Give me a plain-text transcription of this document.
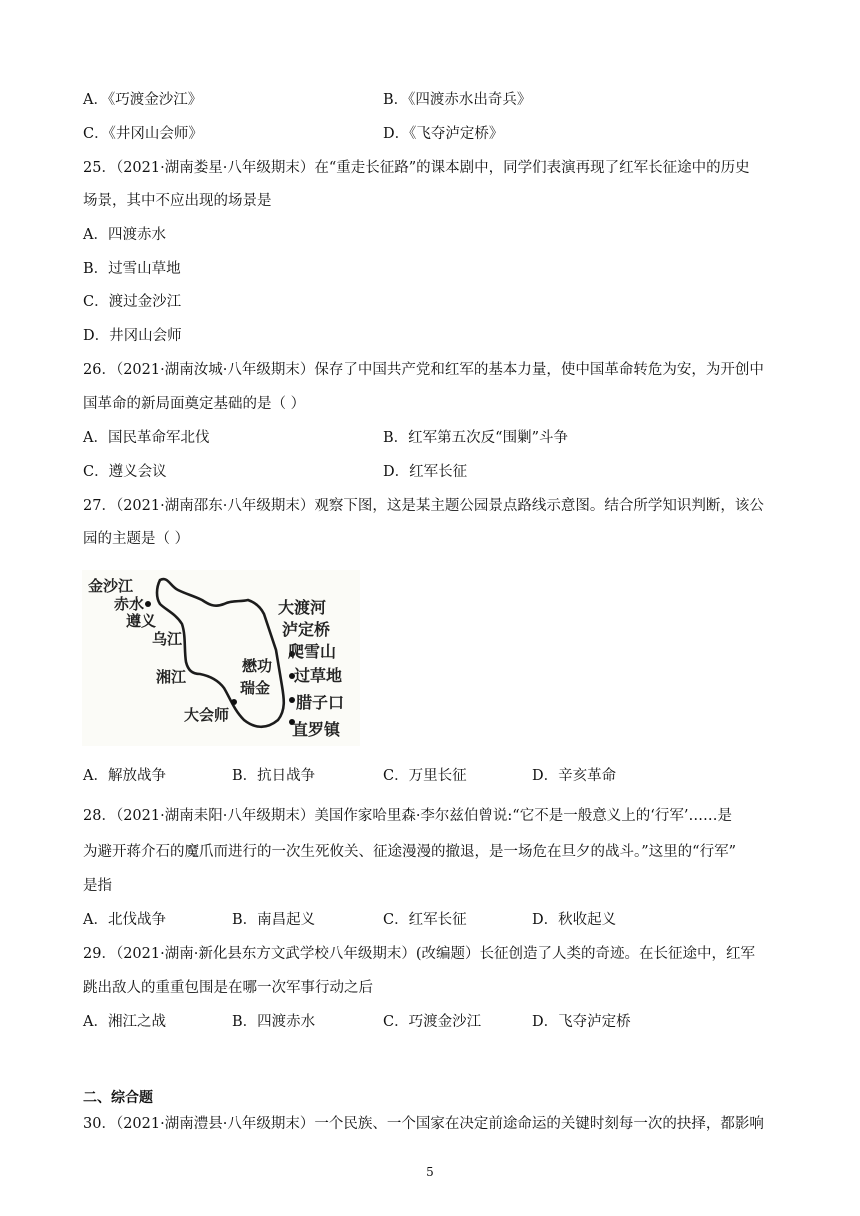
A．《巧渡金沙江》	B．《四渡赤水出奇兵》
C．《井冈山会师》	D．《飞夺泸定桥》
25．（2021·湖南娄星·八年级期末）在“重走长征路”的课本剧中，同学们表演再现了红军长征途中的历史
场景，其中不应出现的场景是
A．四渡赤水
B．过雪山草地
C．渡过金沙江
D．井冈山会师
26．（2021·湖南汝城·八年级期末）保存了中国共产党和红军的基本力量，使中国革命转危为安，为开创中
国革命的新局面奠定基础的是（ ）
A．国民革命军北伐	B．红军第五次反“围剿”斗争
C．遵义会议	D．红军长征
27．（2021·湖南邵东·八年级期末）观察下图，这是某主题公园景点路线示意图。结合所学知识判断，该公
园的主题是（ ）
金沙江
赤水
遵义
乌江
湘江
懋功
瑞金
大会师
大渡河
泸定桥
爬雪山
过草地
腊子口
直罗镇
A．解放战争	B．抗日战争	C．万里长征	D．辛亥革命
28．（2021·湖南耒阳·八年级期末）美国作家哈里森·李尔兹伯曾说:“它不是一般意义上的‘行军’……是
为避开蒋介石的魔爪而进行的一次生死攸关、征途漫漫的撤退，是一场危在旦夕的战斗。”这里的“行军”
是指
A．北伐战争	B．南昌起义	C．红军长征	D．秋收起义
29．（2021·湖南·新化县东方文武学校八年级期末）(改编题）长征创造了人类的奇迹。在长征途中，红军
跳出敌人的重重包围是在哪一次军事行动之后
A．湘江之战	B．四渡赤水	C．巧渡金沙江	D．飞夺泸定桥
二、综合题
30．（2021·湖南澧县·八年级期末）一个民族、一个国家在决定前途命运的关键时刻每一次的抉择，都影响
5
